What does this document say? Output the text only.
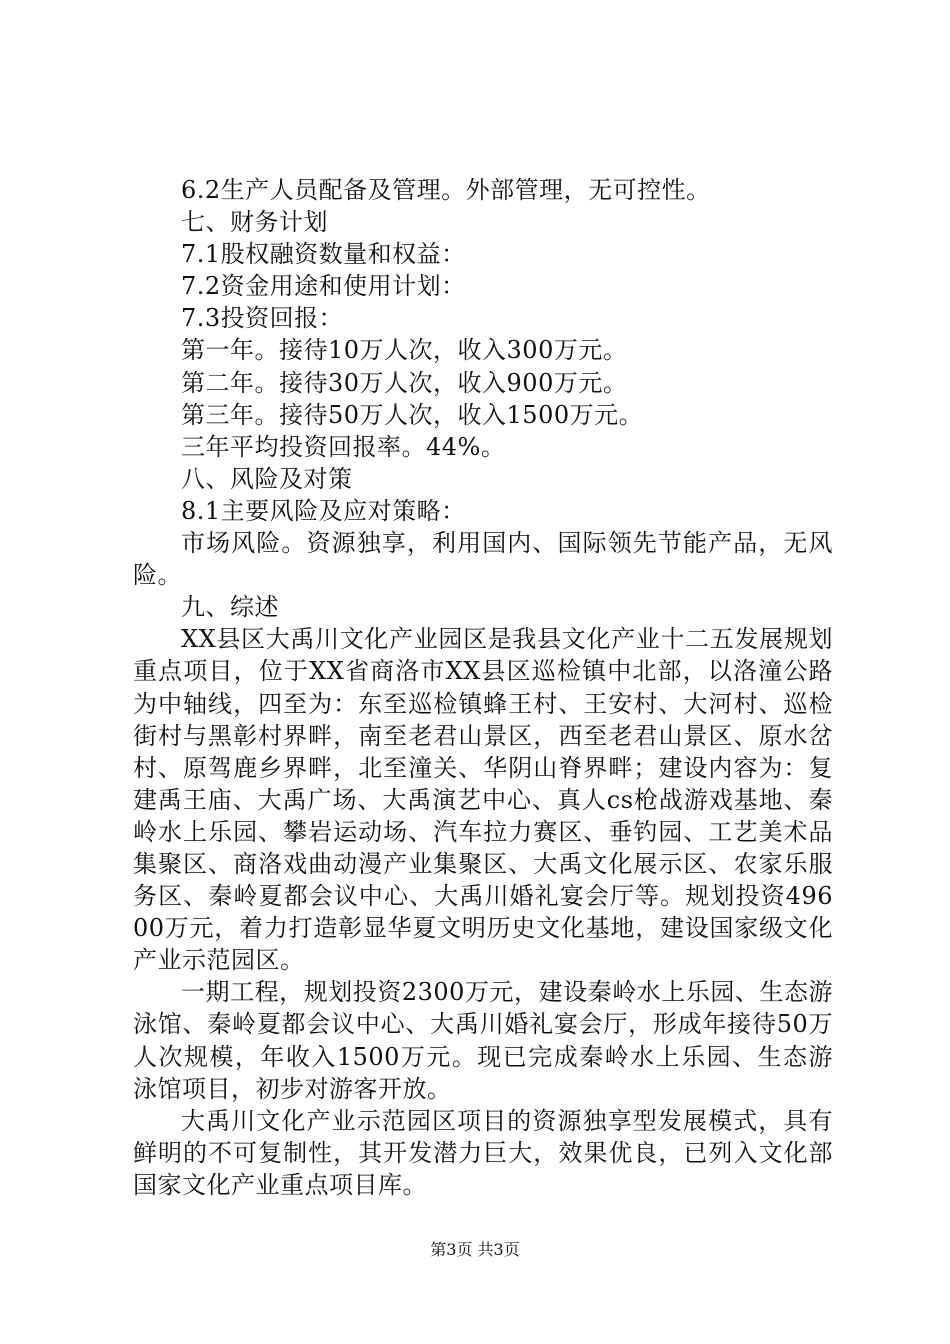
6.2生产人员配备及管理。外部管理，无可控性。

七、财务计划

7.1股权融资数量和权益：

7.2资金用途和使用计划：

7.3投资回报：

第一年。接待10万人次，收入300万元。

第二年。接待30万人次，收入900万元。

第三年。接待50万人次，收入1500万元。

三年平均投资回报率。44%。

八、风险及对策

8.1主要风险及应对策略：

市场风险。资源独享，利用国内、国际领先节能产品，无风险。

九、综述

XX县区大禹川文化产业园区是我县文化产业十二五发展规划重点项目，位于XX省商洛市XX县区巡检镇中北部，以洛潼公路为中轴线，四至为：东至巡检镇蜂王村、王安村、大河村、巡检街村与黑彰村界畔，南至老君山景区，西至老君山景区、原水岔村、原驾鹿乡界畔，北至潼关、华阴山脊界畔；建设内容为：复建禹王庙、大禹广场、大禹演艺中心、真人cs枪战游戏基地、秦岭水上乐园、攀岩运动场、汽车拉力赛区、垂钓园、工艺美术品集聚区、商洛戏曲动漫产业集聚区、大禹文化展示区、农家乐服务区、秦岭夏都会议中心、大禹川婚礼宴会厅等。规划投资49600万元，着力打造彰显华夏文明历史文化基地，建设国家级文化产业示范园区。

一期工程，规划投资2300万元，建设秦岭水上乐园、生态游泳馆、秦岭夏都会议中心、大禹川婚礼宴会厅，形成年接待50万人次规模，年收入1500万元。现已完成秦岭水上乐园、生态游泳馆项目，初步对游客开放。

大禹川文化产业示范园区项目的资源独享型发展模式，具有鲜明的不可复制性，其开发潜力巨大，效果优良，已列入文化部国家文化产业重点项目库。

第3页 共3页
